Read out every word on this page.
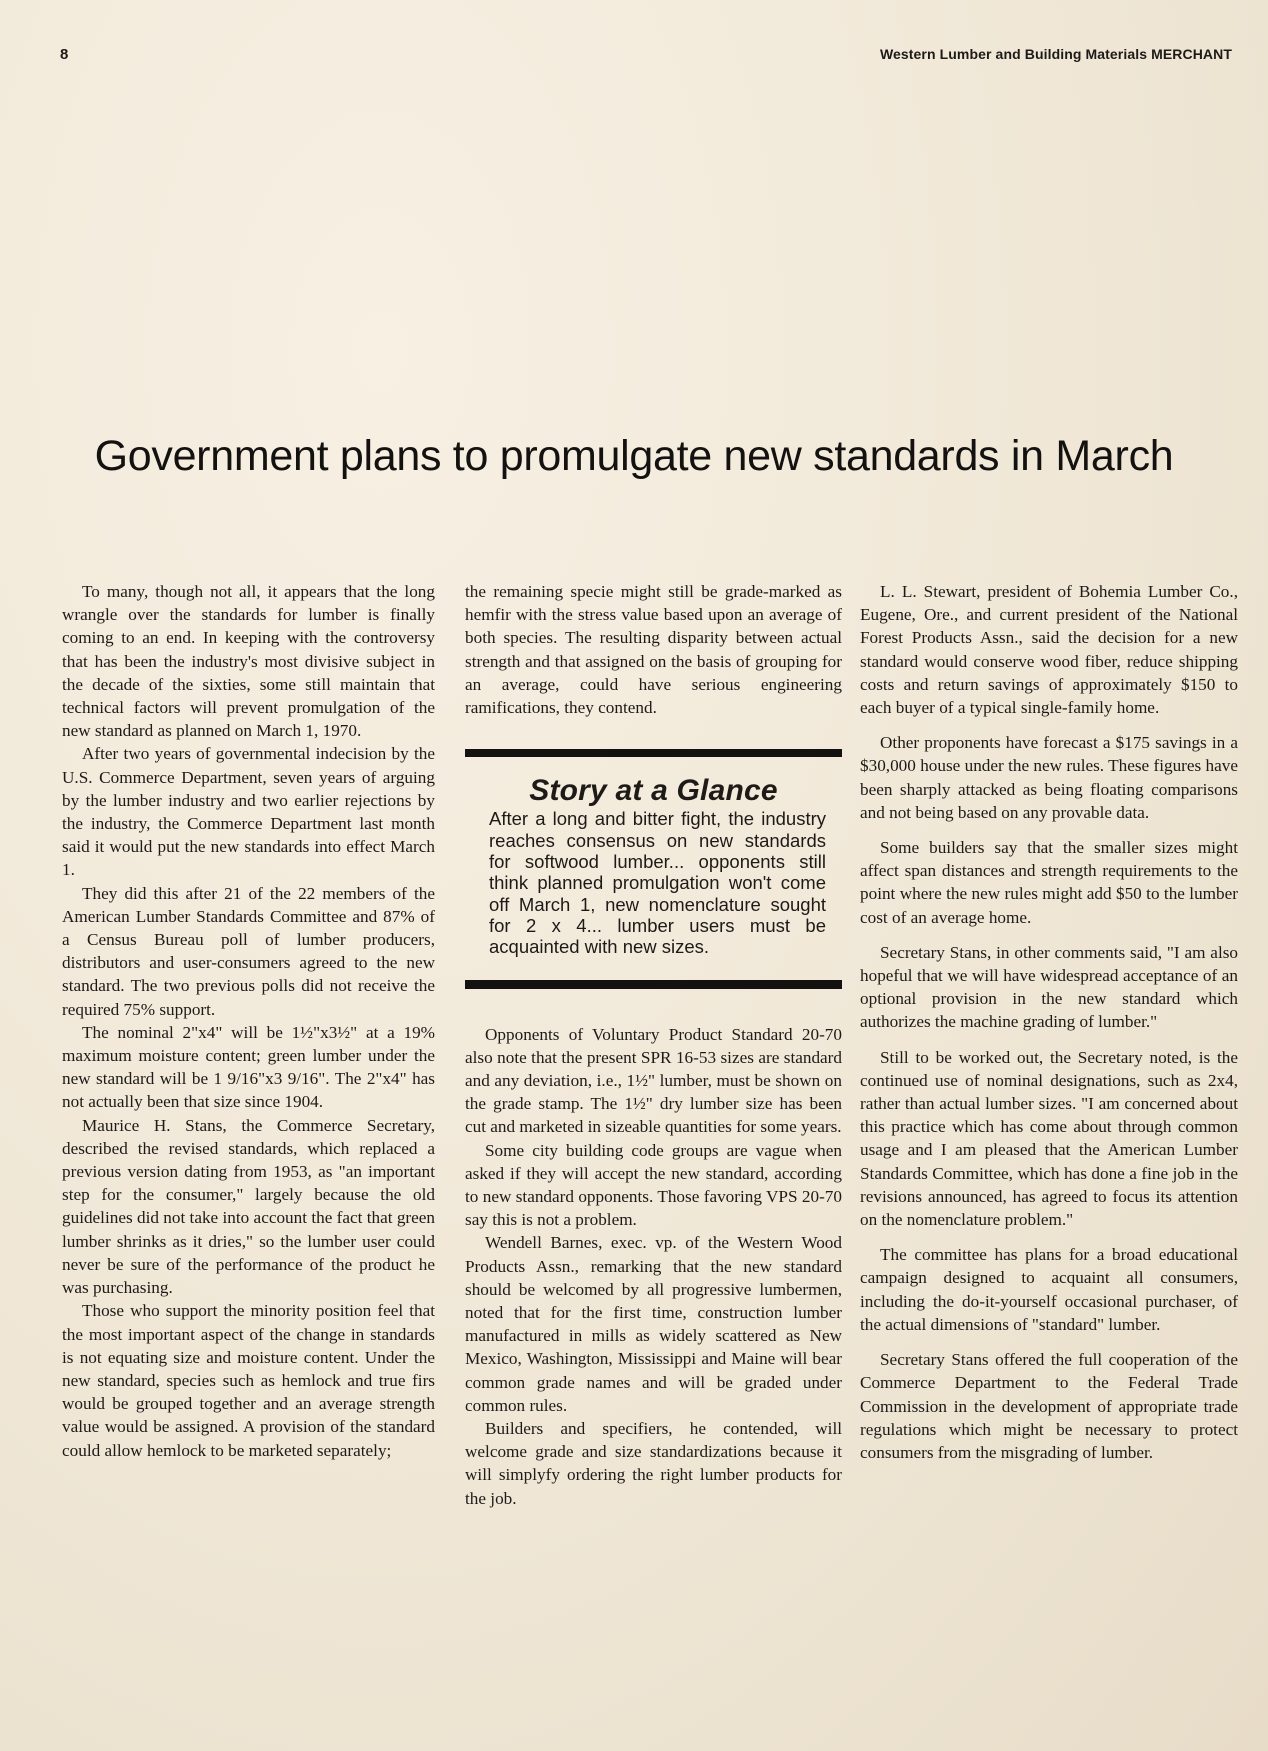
8	Western Lumber and Building Materials MERCHANT
Government plans to promulgate new standards in March

To many, though not all, it appears that the long wrangle over the standards for lumber is finally coming to an end. In keeping with the controversy that has been the industry's most divisive subject in the decade of the sixties, some still maintain that technical factors will prevent promulgation of the new standard as planned on March 1, 1970.

After two years of governmental indecision by the U.S. Commerce Department, seven years of arguing by the lumber industry and two earlier rejections by the industry, the Commerce Department last month said it would put the new standards into effect March 1.

They did this after 21 of the 22 members of the American Lumber Standards Committee and 87% of a Census Bureau poll of lumber producers, distributors and user-consumers agreed to the new standard. The two previous polls did not receive the required 75% support.

The nominal 2"x4" will be 1½"x3½" at a 19% maximum moisture content; green lumber under the new standard will be 1 9/16"x3 9/16". The 2"x4" has not actually been that size since 1904.

Maurice H. Stans, the Commerce Secretary, described the revised standards, which replaced a previous version dating from 1953, as "an important step for the consumer," largely because the old guidelines did not take into account the fact that green lumber shrinks as it dries," so the lumber user could never be sure of the performance of the product he was purchasing.

Those who support the minority position feel that the most important aspect of the change in standards is not equating size and moisture content. Under the new standard, species such as hemlock and true firs would be grouped together and an average strength value would be assigned. A provision of the standard could allow hemlock to be marketed separately;

the remaining specie might still be grade-marked as hemfir with the stress value based upon an average of both species. The resulting disparity between actual strength and that assigned on the basis of grouping for an average, could have serious engineering ramifications, they contend.

Story at a Glance
After a long and bitter fight, the industry reaches consensus on new standards for softwood lumber... opponents still think planned promulgation won't come off March 1, new nomenclature sought for 2 x 4... lumber users must be acquainted with new sizes.

Opponents of Voluntary Product Standard 20-70 also note that the present SPR 16-53 sizes are standard and any deviation, i.e., 1½" lumber, must be shown on the grade stamp. The 1½" dry lumber size has been cut and marketed in sizeable quantities for some years.

Some city building code groups are vague when asked if they will accept the new standard, according to new standard opponents. Those favoring VPS 20-70 say this is not a problem.

Wendell Barnes, exec. vp. of the Western Wood Products Assn., remarking that the new standard should be welcomed by all progressive lumbermen, noted that for the first time, construction lumber manufactured in mills as widely scattered as New Mexico, Washington, Mississippi and Maine will bear common grade names and will be graded under common rules.

Builders and specifiers, he contended, will welcome grade and size standardizations because it will simplyfy ordering the right lumber products for the job.

L. L. Stewart, president of Bohemia Lumber Co., Eugene, Ore., and current president of the National Forest Products Assn., said the decision for a new standard would conserve wood fiber, reduce shipping costs and return savings of approximately $150 to each buyer of a typical single-family home.

Other proponents have forecast a $175 savings in a $30,000 house under the new rules. These figures have been sharply attacked as being floating comparisons and not being based on any provable data.

Some builders say that the smaller sizes might affect span distances and strength requirements to the point where the new rules might add $50 to the lumber cost of an average home.

Secretary Stans, in other comments said, "I am also hopeful that we will have widespread acceptance of an optional provision in the new standard which authorizes the machine grading of lumber."

Still to be worked out, the Secretary noted, is the continued use of nominal designations, such as 2x4, rather than actual lumber sizes. "I am concerned about this practice which has come about through common usage and I am pleased that the American Lumber Standards Committee, which has done a fine job in the revisions announced, has agreed to focus its attention on the nomenclature problem."

The committee has plans for a broad educational campaign designed to acquaint all consumers, including the do-it-yourself occasional purchaser, of the actual dimensions of "standard" lumber.

Secretary Stans offered the full cooperation of the Commerce Department to the Federal Trade Commission in the development of appropriate trade regulations which might be necessary to protect consumers from the misgrading of lumber.
